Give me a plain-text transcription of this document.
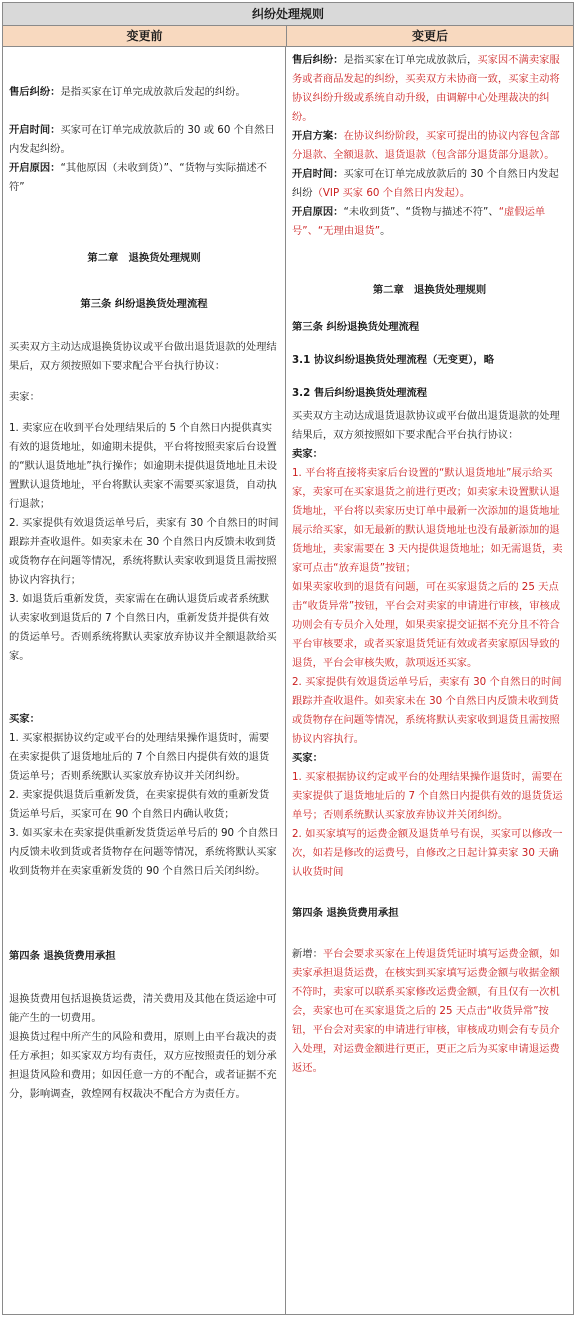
纠纷处理规则
变更前	变更后

售后纠纷：是指买家在订单完成放款后发起的纠纷。

开启时间：买家可在订单完成放款后的 30 或 60 个自然日内发起纠纷。

开启原因：“其他原因（未收到货）”、“货物与实际描述不符”

第二章　退换货处理规则

第三条 纠纷退换货处理流程

买卖双方主动达成退换货协议或平台做出退货退款的处理结果后，双方须按照如下要求配合平台执行协议：

卖家：

1. 卖家应在收到平台处理结果后的 5 个自然日内提供真实有效的退货地址，如逾期未提供，平台将按照卖家后台设置的“默认退货地址”执行操作；如逾期未提供退货地址且未设置默认退货地址，平台将默认卖家不需要买家退货，自动执行退款；

2. 买家提供有效退货运单号后，卖家有 30 个自然日的时间跟踪并查收退件。如卖家未在 30 个自然日内反馈未收到货或货物存在问题等情况，系统将默认卖家收到退货且需按照协议内容执行；

3. 如退货后重新发货，卖家需在在确认退货后或者系统默认卖家收到退货后的 7 个自然日内，重新发货并提供有效的货运单号。否则系统将默认卖家放弃协议并全额退款给买家。

买家：

1. 买家根据协议约定或平台的处理结果操作退货时，需要在卖家提供了退货地址后的 7 个自然日内提供有效的退货货运单号；否则系统默认买家放弃协议并关闭纠纷。

2. 卖家提供退货后重新发货，在卖家提供有效的重新发货货运单号后，买家可在 90 个自然日内确认收货；

3. 如买家未在卖家提供重新发货货运单号后的 90 个自然日内反馈未收到货或者货物存在问题等情况，系统将默认买家收到货物并在卖家重新发货的 90 个自然日后关闭纠纷。

第四条 退换货费用承担

退换货费用包括退换货运费，清关费用及其他在货运途中可能产生的一切费用。

退换货过程中所产生的风险和费用，原则上由平台裁决的责任方承担；如买家双方均有责任，双方应按照责任的划分承担退货风险和费用；如因任意一方的不配合，或者证据不充分，影响调查，敦煌网有权裁决不配合方为责任方。

售后纠纷：是指买家在订单完成放款后，买家因不满卖家服务或者商品发起的纠纷，买卖双方未协商一致，买家主动将协议纠纷升级或系统自动升级，由调解中心处理裁决的纠纷。

开启方案：在协议纠纷阶段，买家可提出的协议内容包含部分退款、全额退款、退货退款（包含部分退货部分退款）。

开启时间：买家可在订单完成放款后的 30 个自然日内发起纠纷（VIP 买家 60 个自然日内发起）。

开启原因：“未收到货”、“货物与描述不符”、“虚假运单号”、“无理由退货”。

第二章　退换货处理规则

第三条 纠纷退换货处理流程

3.1 协议纠纷退换货处理流程（无变更），略

3.2 售后纠纷退换货处理流程

买卖双方主动达成退货退款协议或平台做出退货退款的处理结果后，双方须按照如下要求配合平台执行协议：

卖家：

1. 平台将直接将卖家后台设置的“默认退货地址”展示给买家，卖家可在买家退货之前进行更改；如卖家未设置默认退货地址，平台将以卖家历史订单中最新一次添加的退货地址展示给买家，如无最新的默认退货地址也没有最新添加的退货地址，卖家需要在 3 天内提供退货地址；如无需退货，卖家可点击“放弃退货”按钮；

如果卖家收到的退货有问题，可在买家退货之后的 25 天点击“收货异常”按钮，平台会对卖家的申请进行审核，审核成功则会有专员介入处理，如果卖家提交证据不充分且不符合平台审核要求，或者买家退货凭证有效或者卖家原因导致的退货，平台会审核失败，款项返还买家。

2. 买家提供有效退货运单号后，卖家有 30 个自然日的时间跟踪并查收退件。如卖家未在 30 个自然日内反馈未收到货或货物存在问题等情况，系统将默认卖家收到退货且需按照协议内容执行。

买家：

1. 买家根据协议约定或平台的处理结果操作退货时，需要在卖家提供了退货地址后的 7 个自然日内提供有效的退货货运单号；否则系统默认买家放弃协议并关闭纠纷。

2. 如买家填写的运费金额及退货单号有误，买家可以修改一次，如若是修改的运费号，自修改之日起计算卖家 30 天确认收货时间

第四条 退换货费用承担

新增：平台会要求买家在上传退货凭证时填写运费金额，如卖家承担退货运费，在核实到买家填写运费金额与收据金额不符时，卖家可以联系买家修改运费金额，有且仅有一次机会，卖家也可在买家退货之后的 25 天点击“收货异常”按钮，平台会对卖家的申请进行审核，审核成功则会有专员介入处理，对运费金额进行更正，更正之后为买家申请退运费返还。
